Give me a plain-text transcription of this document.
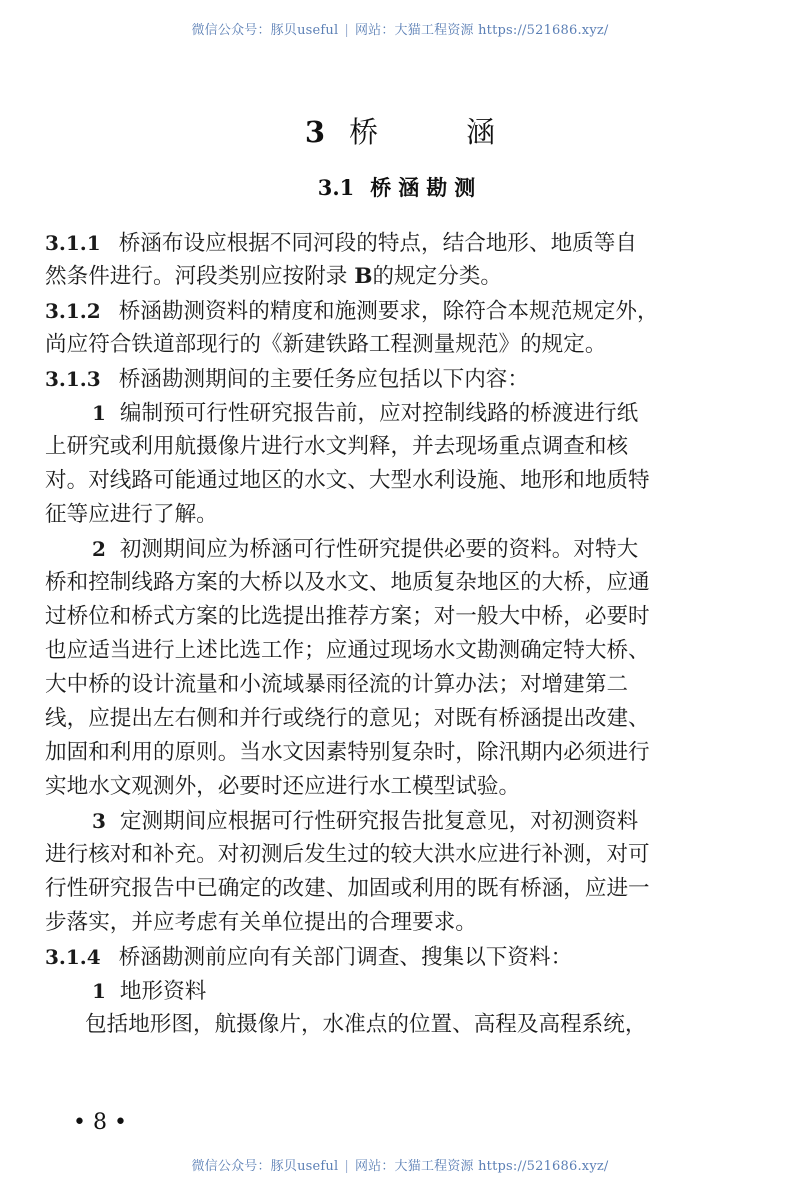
微信公众号：豚贝useful | 网站：大猫工程资源 https://521686.xyz/
3 桥	涵
3.1 桥涵勘测
3.1.1 桥涵布设应根据不同河段的特点，结合地形、地质等自
然条件进行。河段类别应按附录 B的规定分类。
3.1.2 桥涵勘测资料的精度和施测要求，除符合本规范规定外，
尚应符合铁道部现行的《新建铁路工程测量规范》的规定。
3.1.3 桥涵勘测期间的主要任务应包括以下内容：
1 编制预可行性研究报告前，应对控制线路的桥渡进行纸
上研究或利用航摄像片进行水文判释，并去现场重点调查和核
对。对线路可能通过地区的水文、大型水利设施、地形和地质特
征等应进行了解。
2 初测期间应为桥涵可行性研究提供必要的资料。对特大
桥和控制线路方案的大桥以及水文、地质复杂地区的大桥，应通
过桥位和桥式方案的比选提出推荐方案；对一般大中桥，必要时
也应适当进行上述比选工作；应通过现场水文勘测确定特大桥、
大中桥的设计流量和小流域暴雨径流的计算办法；对增建第二
线，应提出左右侧和并行或绕行的意见；对既有桥涵提出改建、
加固和利用的原则。当水文因素特别复杂时，除汛期内必须进行
实地水文观测外，必要时还应进行水工模型试验。
3 定测期间应根据可行性研究报告批复意见，对初测资料
进行核对和补充。对初测后发生过的较大洪水应进行补测，对可
行性研究报告中已确定的改建、加固或利用的既有桥涵，应进一
步落实，并应考虑有关单位提出的合理要求。
3.1.4 桥涵勘测前应向有关部门调查、搜集以下资料：
1 地形资料
包括地形图，航摄像片，水准点的位置、高程及高程系统，
• 8 •
微信公众号：豚贝useful | 网站：大猫工程资源 https://521686.xyz/
